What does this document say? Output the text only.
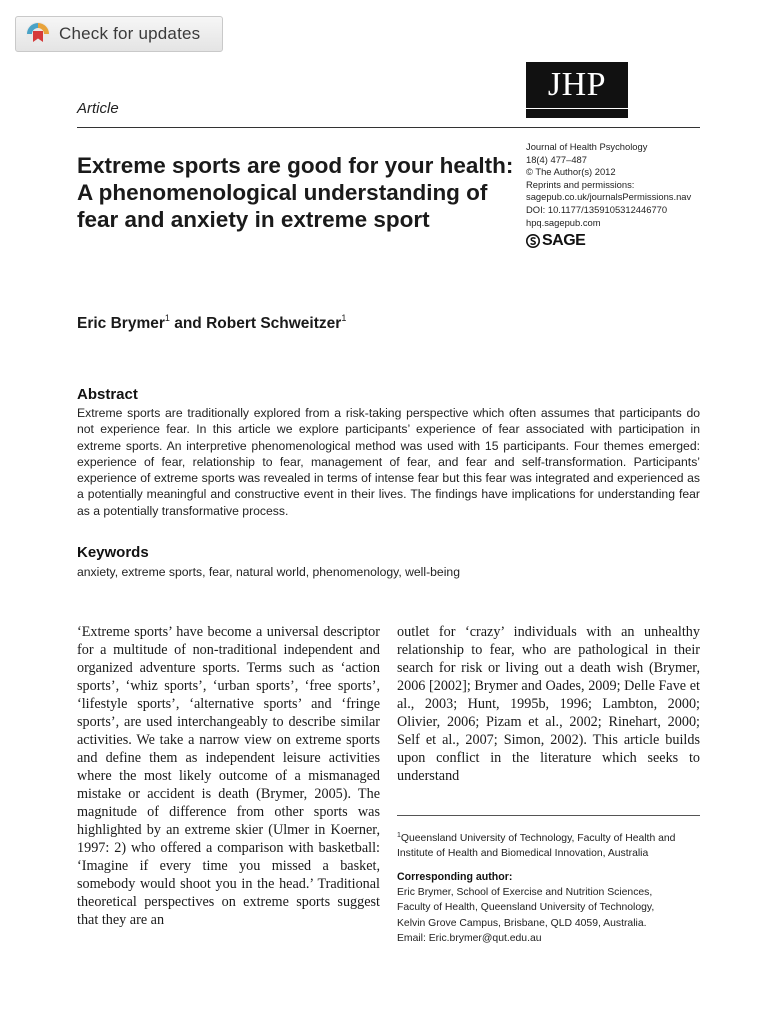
Check for updates
Article
JHP
Journal of Health Psychology
18(4) 477–487
© The Author(s) 2012
Reprints and permissions:
sagepub.co.uk/journalsPermissions.nav
DOI: 10.1177/1359105312446770
hpq.sagepub.com
SAGE
Extreme sports are good for your health: A phenomenological understanding of fear and anxiety in extreme sport
Eric Brymer$^1$ and Robert Schweitzer$^1$
Abstract

Extreme sports are traditionally explored from a risk-taking perspective which often assumes that participants do not experience fear. In this article we explore participants’ experience of fear associated with participation in extreme sports. An interpretive phenomenological method was used with 15 participants. Four themes emerged: experience of fear, relationship to fear, management of fear, and fear and self-transformation. Participants’ experience of extreme sports was revealed in terms of intense fear but this fear was integrated and experienced as a potentially meaningful and constructive event in their lives. The findings have implications for understanding fear as a potentially transformative process.

Keywords
anxiety, extreme sports, fear, natural world, phenomenology, well-being

‘Extreme sports’ have become a universal descriptor for a multitude of non-traditional independent and organized adventure sports. Terms such as ‘action sports’, ‘whiz sports’, ‘urban sports’, ‘free sports’, ‘lifestyle sports’, ‘alternative sports’ and ‘fringe sports’, are used interchangeably to describe similar activities. We take a narrow view on extreme sports and define them as independent leisure activities where the most likely outcome of a mismanaged mistake or accident is death (Brymer, 2005). The magnitude of difference from other sports was highlighted by an extreme skier (Ulmer in Koerner, 1997: 2) who offered a comparison with basketball: ‘Imagine if every time you missed a basket, somebody would shoot you in the head.’ Traditional theoretical perspectives on extreme sports suggest that they are an

outlet for ‘crazy’ individuals with an unhealthy relationship to fear, who are pathological in their search for risk or living out a death wish (Brymer, 2006 [2002]; Brymer and Oades, 2009; Delle Fave et al., 2003; Hunt, 1995b, 1996; Lambton, 2000; Olivier, 2006; Pizam et al., 2002; Rinehart, 2000; Self et al., 2007; Simon, 2002). This article builds upon conflict in the literature which seeks to understand

$^1$Queensland University of Technology, Faculty of Health and Institute of Health and Biomedical Innovation, Australia

Corresponding author:
Eric Brymer, School of Exercise and Nutrition Sciences,
Faculty of Health, Queensland University of Technology,
Kelvin Grove Campus, Brisbane, QLD 4059, Australia.
Email: Eric.brymer@qut.edu.au
